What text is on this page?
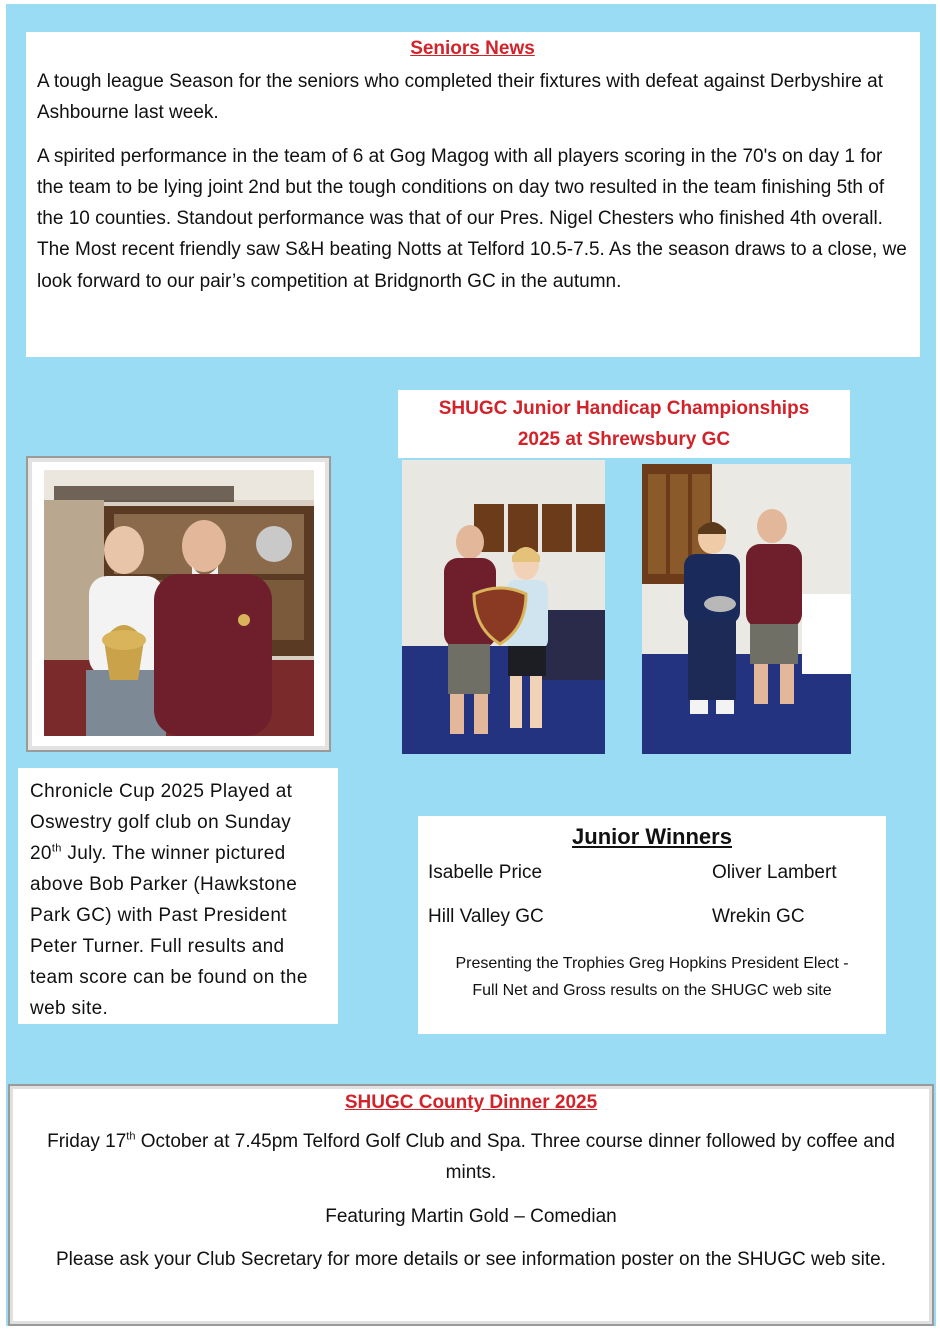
Seniors News

A tough league Season for the seniors who completed their fixtures with defeat against Derbyshire at Ashbourne last week.

A spirited performance in the team of 6 at Gog Magog with all players scoring in the 70's on day 1 for the team to be lying joint 2nd but the tough conditions on day two resulted in the team finishing 5th of the 10 counties. Standout performance was that of our Pres. Nigel Chesters who finished 4th overall. The Most recent friendly saw S&H beating Notts at Telford 10.5-7.5. As the season draws to a close, we look forward to our pair’s competition at Bridgnorth GC in the autumn.

SHUGC Junior Handicap Championships
2025 at Shrewsbury GC

Chronicle Cup 2025 Played at Oswestry golf club on Sunday 20th July. The winner pictured above Bob Parker (Hawkstone Park GC) with Past President Peter Turner. Full results and team score can be found on the web site.

Junior Winners
Isabelle Price	Oliver Lambert
Hill Valley GC	Wrekin GC
Presenting the Trophies Greg Hopkins President Elect -
Full Net and Gross results on the SHUGC web site
SHUGC County Dinner 2025

Friday 17th October at 7.45pm Telford Golf Club and Spa. Three course dinner followed by coffee and mints.

Featuring Martin Gold – Comedian

Please ask your Club Secretary for more details or see information poster on the SHUGC web site.
